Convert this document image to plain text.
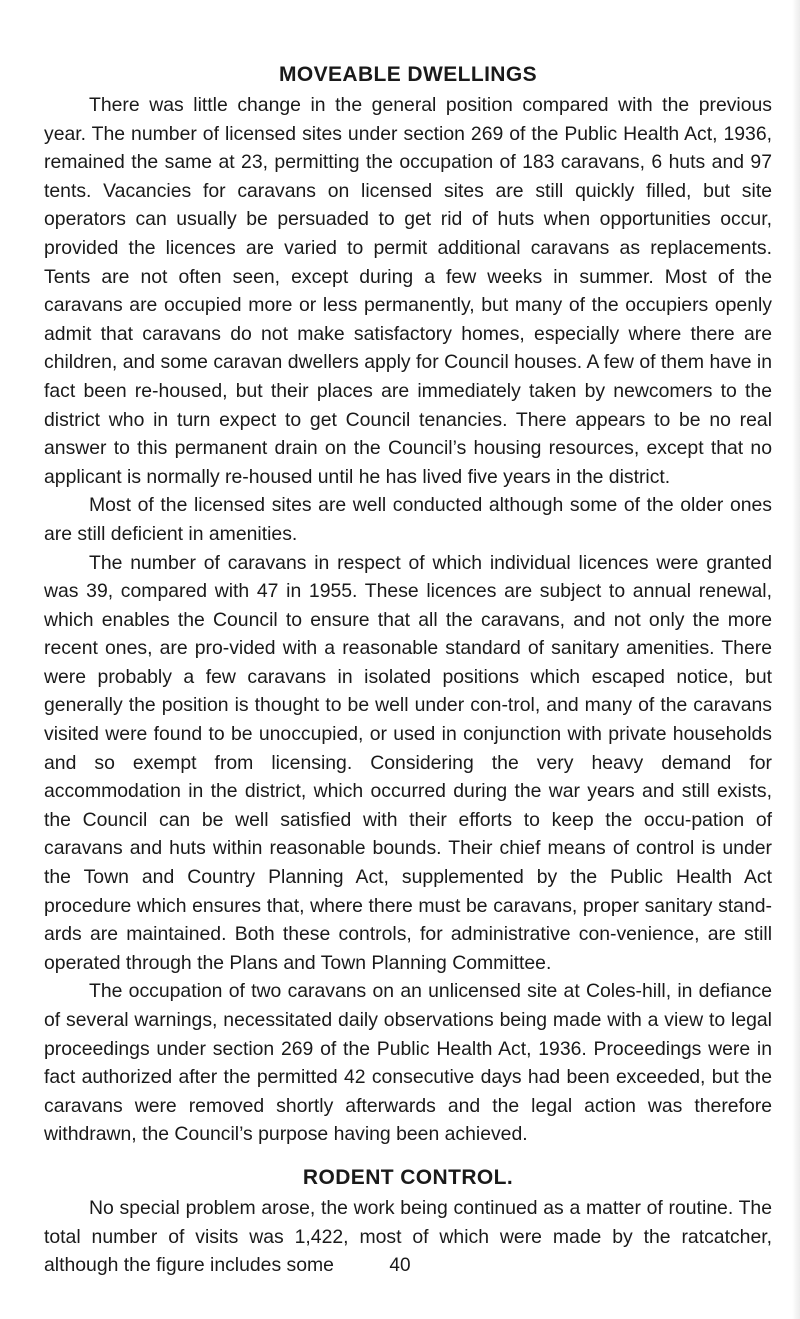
MOVEABLE DWELLINGS

There was little change in the general position compared with the previous year. The number of licensed sites under section 269 of the Public Health Act, 1936, remained the same at 23, permitting the occupation of 183 caravans, 6 huts and 97 tents. Vacancies for caravans on licensed sites are still quickly filled, but site operators can usually be persuaded to get rid of huts when opportunities occur, provided the licences are varied to permit additional caravans as replacements. Tents are not often seen, except during a few weeks in summer. Most of the caravans are occupied more or less permanently, but many of the occupiers openly admit that caravans do not make satisfactory homes, especially where there are children, and some caravan dwellers apply for Council houses. A few of them have in fact been re-housed, but their places are immediately taken by newcomers to the district who in turn expect to get Council tenancies. There appears to be no real answer to this permanent drain on the Council’s housing resources, except that no applicant is normally re-housed until he has lived five years in the district.

Most of the licensed sites are well conducted although some of the older ones are still deficient in amenities.

The number of caravans in respect of which individual licences were granted was 39, compared with 47 in 1955. These licences are subject to annual renewal, which enables the Council to ensure that all the caravans, and not only the more recent ones, are pro-vided with a reasonable standard of sanitary amenities. There were probably a few caravans in isolated positions which escaped notice, but generally the position is thought to be well under con-trol, and many of the caravans visited were found to be unoccupied, or used in conjunction with private households and so exempt from licensing. Considering the very heavy demand for accommodation in the district, which occurred during the war years and still exists, the Council can be well satisfied with their efforts to keep the occu-pation of caravans and huts within reasonable bounds. Their chief means of control is under the Town and Country Planning Act, supplemented by the Public Health Act procedure which ensures that, where there must be caravans, proper sanitary stand-ards are maintained. Both these controls, for administrative con-venience, are still operated through the Plans and Town Planning Committee.

The occupation of two caravans on an unlicensed site at Coles-hill, in defiance of several warnings, necessitated daily observations being made with a view to legal proceedings under section 269 of the Public Health Act, 1936. Proceedings were in fact authorized after the permitted 42 consecutive days had been exceeded, but the caravans were removed shortly afterwards and the legal action was therefore withdrawn, the Council’s purpose having been achieved.

RODENT CONTROL.

No special problem arose, the work being continued as a matter of routine. The total number of visits was 1,422, most of which were made by the ratcatcher, although the figure includes some	40
